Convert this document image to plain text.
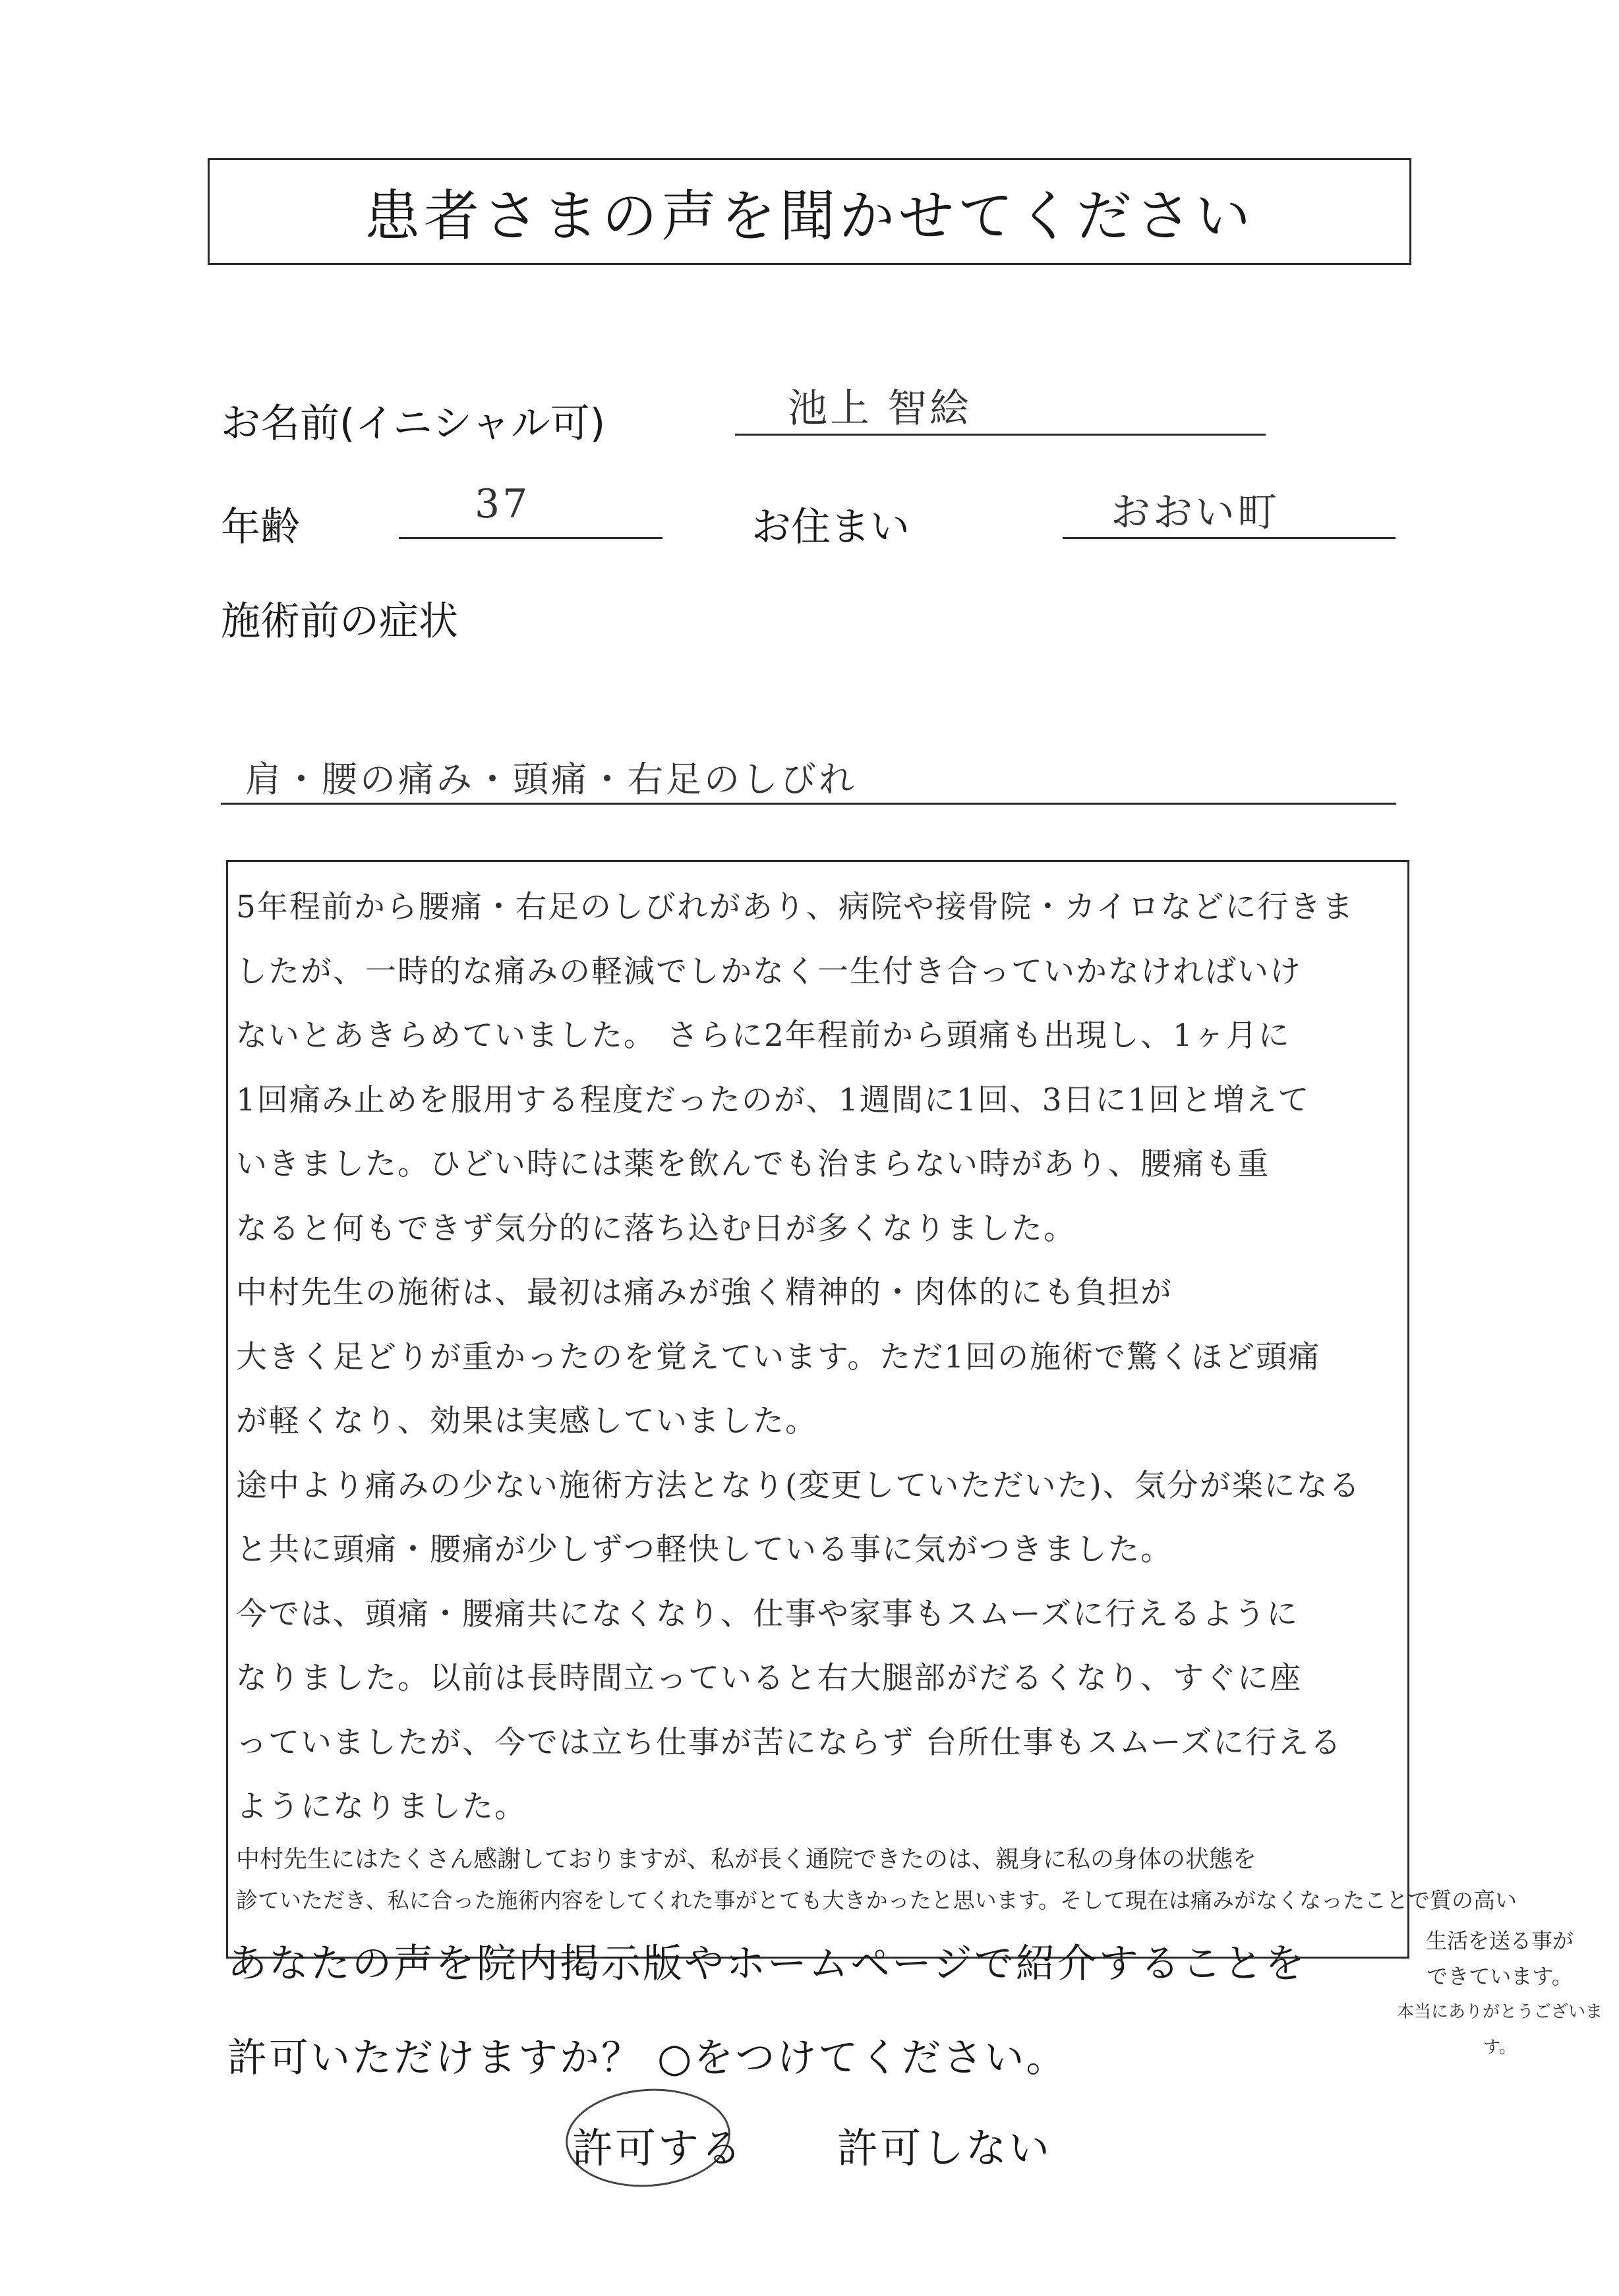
患者さまの声を聞かせてください
お名前(イニシャル可)	池上 智絵
年齢	37	お住まい	おおい町
施術前の症状
肩・腰の痛み・頭痛・右足のしびれ
5年程前から腰痛・右足のしびれがあり、病院や接骨院・カイロなどに行きま
したが、一時的な痛みの軽減でしかなく一生付き合っていかなければいけ
ないとあきらめていました。 さらに2年程前から頭痛も出現し、1ヶ月に
1回痛み止めを服用する程度だったのが、1週間に1回、3日に1回と増えて
いきました。ひどい時には薬を飲んでも治まらない時があり、腰痛も重
なると何もできず気分的に落ち込む日が多くなりました。
中村先生の施術は、最初は痛みが強く精神的・肉体的にも負担が
大きく足どりが重かったのを覚えています。ただ1回の施術で驚くほど頭痛
が軽くなり、効果は実感していました。
途中より痛みの少ない施術方法となり(変更していただいた)、気分が楽になる
と共に頭痛・腰痛が少しずつ軽快している事に気がつきました。
今では、頭痛・腰痛共になくなり、仕事や家事もスムーズに行えるように
なりました。以前は長時間立っていると右大腿部がだるくなり、すぐに座
っていましたが、今では立ち仕事が苦にならず 台所仕事もスムーズに行える
ようになりました。
中村先生にはたくさん感謝しておりますが、私が長く通院できたのは、親身に私の身体の状態を
診ていただき、私に合った施術内容をしてくれた事がとても大きかったと思います。そして現在は痛みがなくなったことで質の高い
生活を送る事が
できています。
本当にありがとうございます。
あなたの声を院内掲示版やホームページで紹介することを
許可いただけますか？ ○をつけてください。
許可する 許可しない
